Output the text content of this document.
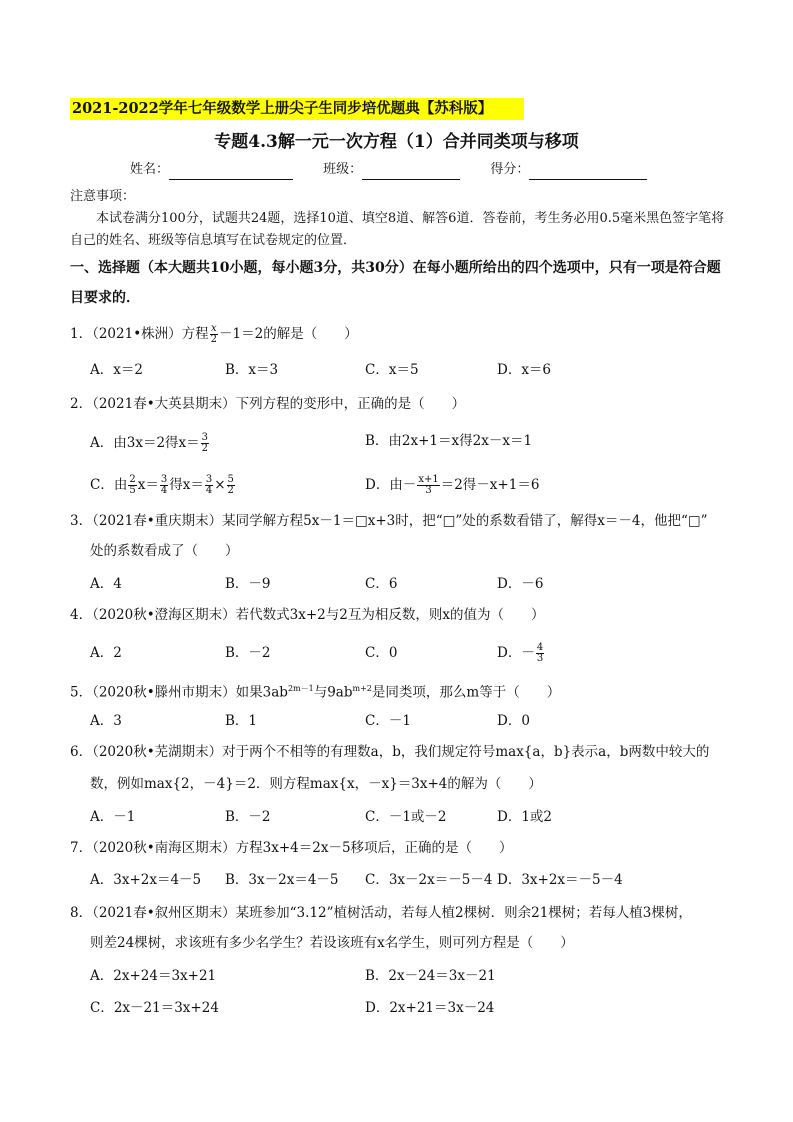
2021-2022学年七年级数学上册尖子生同步培优题典【苏科版】
专题4.3解一元一次方程（1）合并同类项与移项
姓名：	班级：	得分：
注意事项：
本试卷满分100分，试题共24题，选择10道、填空8道、解答6道．答卷前，考生务必用0.5毫米黑色签字笔将自己的姓名、班级等信息填写在试卷规定的位置．
一、选择题（本大题共10小题，每小题3分，共30分）在每小题所给出的四个选项中，只有一项是符合题目要求的．
1．（2021•株洲）方程 $\frac{x}{2} -1=2$的解是（　　）
A．x＝2	B．x＝3	C．x＝5	D．x＝6
2．（2021春•大英县期末）下列方程的变形中，正确的是（　　）
A．由3x＝2得$x= \frac{3}{2}$	B．由2x+1＝x得2x－x＝1
C．由 $\frac{2}{5} x= \frac{3}{4}$ 得$x= \frac{3}{4} \times \frac{5}{2}$	D．由－ $\frac{x+1}{3} =2$得－x+1＝6
3．（2021春•重庆期末）某同学解方程5x－1＝□x+3时，把“□”处的系数看错了，解得x＝－4，他把“□”
处的系数看成了（　　）
A．4	B．－9	C．6	D．－6
4．（2020秋•澄海区期末）若代数式3x+2与2互为相反数，则x的值为（　　）
A．2	B．－2	C．0	D．－ $\frac{4}{3}$
5．（2020秋•滕州市期末）如果$3ab^{2m-1}$与$9ab^{m+2}$是同类项，那么m等于（　　）
A．3	B．1	C．－1	D．0
6．（2020秋•芜湖期末）对于两个不相等的有理数a，b，我们规定符号max{a，b}表示a，b两数中较大的
数，例如max{2，－4}＝2．则方程max{x，－x}＝3x+4的解为（　　）
A．－1	B．－2	C．－1或－2	D．1或2
7．（2020秋•南海区期末）方程3x+4＝2x－5移项后，正确的是（　　）
A．3x+2x＝4－5 B．3x－2x＝4－5 C．3x－2x＝－5－4 D．3x+2x＝－5－4
8．（2021春•叙州区期末）某班参加“3.12”植树活动，若每人植2棵树．则余21棵树；若每人植3棵树，
则差24棵树，求该班有多少名学生？若设该班有x名学生，则可列方程是（　　）
A．2x+24＝3x+21	B．2x－24＝3x－21
C．2x－21＝3x+24	D．2x+21＝3x－24
